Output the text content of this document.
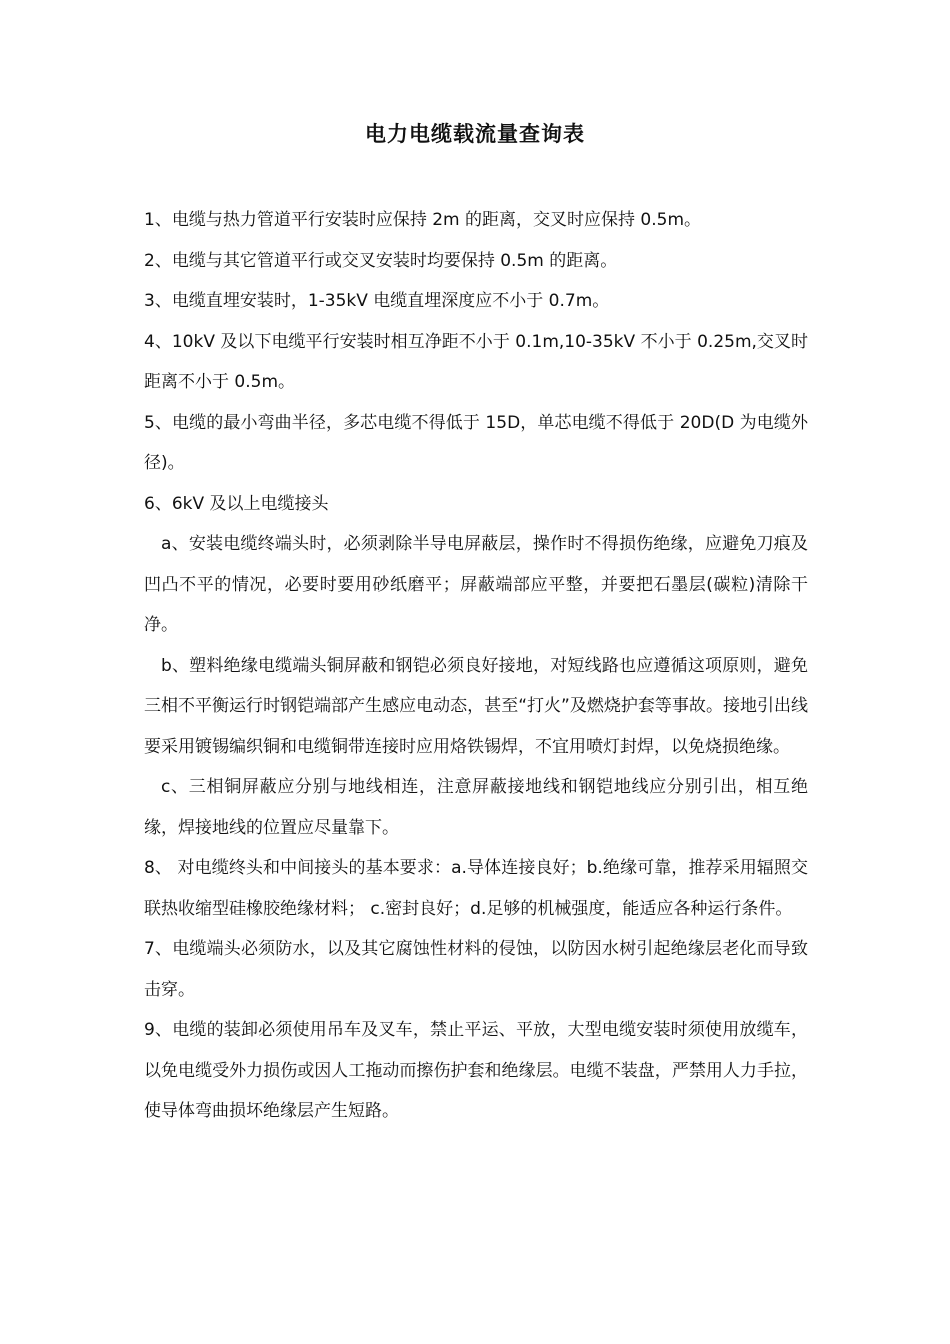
电力电缆载流量查询表

1、电缆与热力管道平行安装时应保持 2m 的距离，交叉时应保持 0.5m。

2、电缆与其它管道平行或交叉安装时均要保持 0.5m 的距离。

3、电缆直埋安装时，1-35kV 电缆直埋深度应不小于 0.7m。

4、10kV 及以下电缆平行安装时相互净距不小于 0.1m,10-35kV 不小于 0.25m,交叉时距离不小于 0.5m。

5、电缆的最小弯曲半径，多芯电缆不得低于 15D，单芯电缆不得低于 20D(D 为电缆外径)。

6、6kV 及以上电缆接头

a、安装电缆终端头时，必须剥除半导电屏蔽层，操作时不得损伤绝缘，应避免刀痕及凹凸不平的情况，必要时要用砂纸磨平；屏蔽端部应平整，并要把石墨层(碳粒)清除干净。

b、塑料绝缘电缆端头铜屏蔽和钢铠必须良好接地，对短线路也应遵循这项原则，避免三相不平衡运行时钢铠端部产生感应电动态，甚至“打火”及燃烧护套等事故。接地引出线要采用镀锡编织铜和电缆铜带连接时应用烙铁锡焊，不宜用喷灯封焊，以免烧损绝缘。

c、三相铜屏蔽应分别与地线相连，注意屏蔽接地线和钢铠地线应分别引出，相互绝缘，焊接地线的位置应尽量靠下。

8、 对电缆终头和中间接头的基本要求：a.导体连接良好；b.绝缘可靠，推荐采用辐照交联热收缩型硅橡胶绝缘材料； c.密封良好；d.足够的机械强度，能适应各种运行条件。

7、电缆端头必须防水，以及其它腐蚀性材料的侵蚀，以防因水树引起绝缘层老化而导致击穿。

9、电缆的装卸必须使用吊车及叉车，禁止平运、平放，大型电缆安装时须使用放缆车，以免电缆受外力损伤或因人工拖动而擦伤护套和绝缘层。电缆不装盘，严禁用人力手拉，使导体弯曲损坏绝缘层产生短路。
